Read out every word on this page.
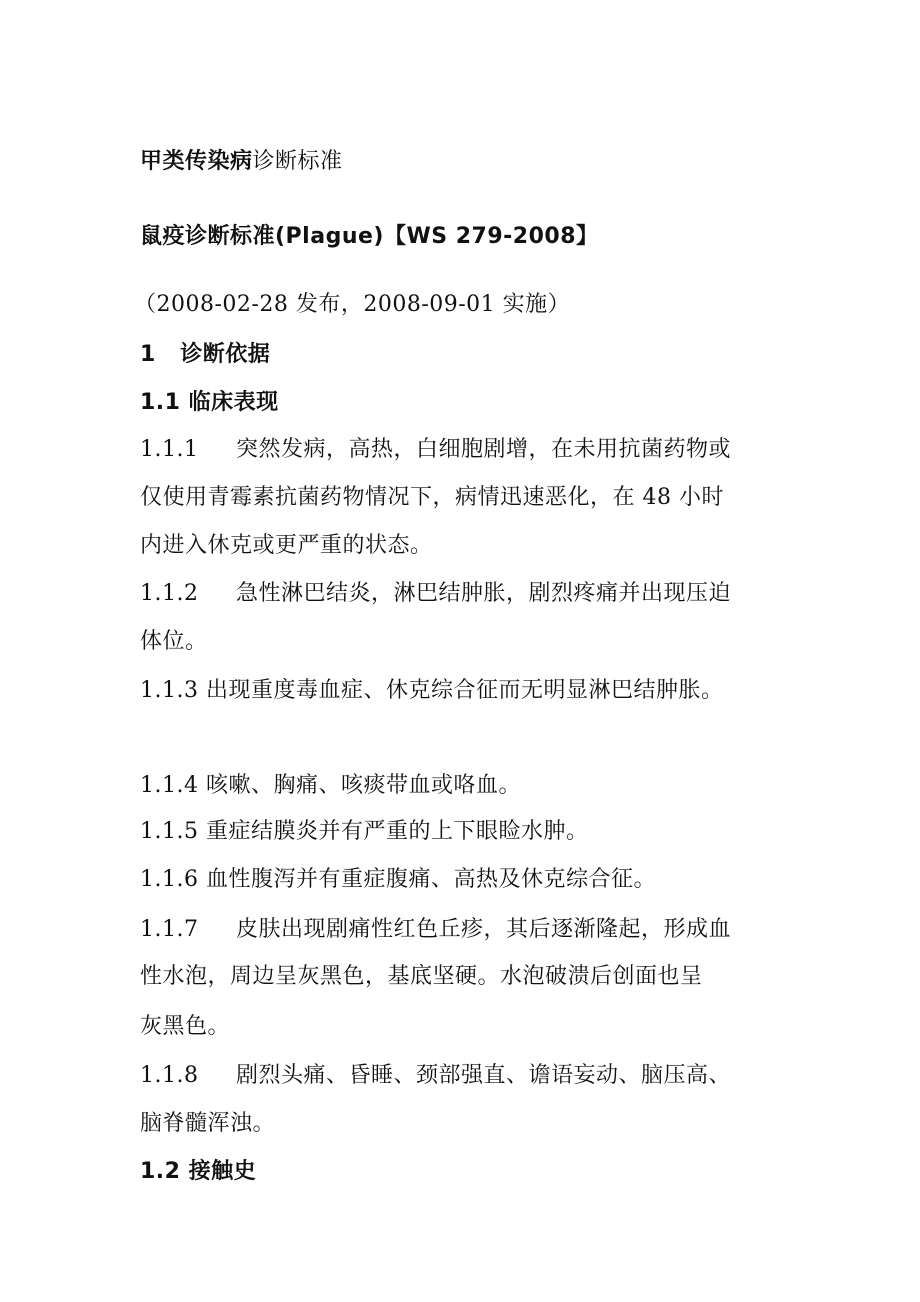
甲类传染病诊断标准
鼠疫诊断标准(Plague)【WS 279-2008】
（2008-02-28 发布，2008-09-01 实施）
1   诊断依据
1.1 临床表现
1.1.1     突然发病，高热，白细胞剧增，在未用抗菌药物或
仅使用青霉素抗菌药物情况下，病情迅速恶化，在 48 小时
内进入休克或更严重的状态。
1.1.2     急性淋巴结炎，淋巴结肿胀，剧烈疼痛并出现压迫
体位。
1.1.3 出现重度毒血症、休克综合征而无明显淋巴结肿胀。
1.1.4 咳嗽、胸痛、咳痰带血或咯血。
1.1.5 重症结膜炎并有严重的上下眼睑水肿。
1.1.6 血性腹泻并有重症腹痛、高热及休克综合征。
1.1.7     皮肤出现剧痛性红色丘疹，其后逐渐隆起，形成血
性水泡，周边呈灰黑色，基底坚硬。水泡破溃后创面也呈
灰黑色。
1.1.8     剧烈头痛、昏睡、颈部强直、谵语妄动、脑压高、
脑脊髓浑浊。
1.2 接触史
